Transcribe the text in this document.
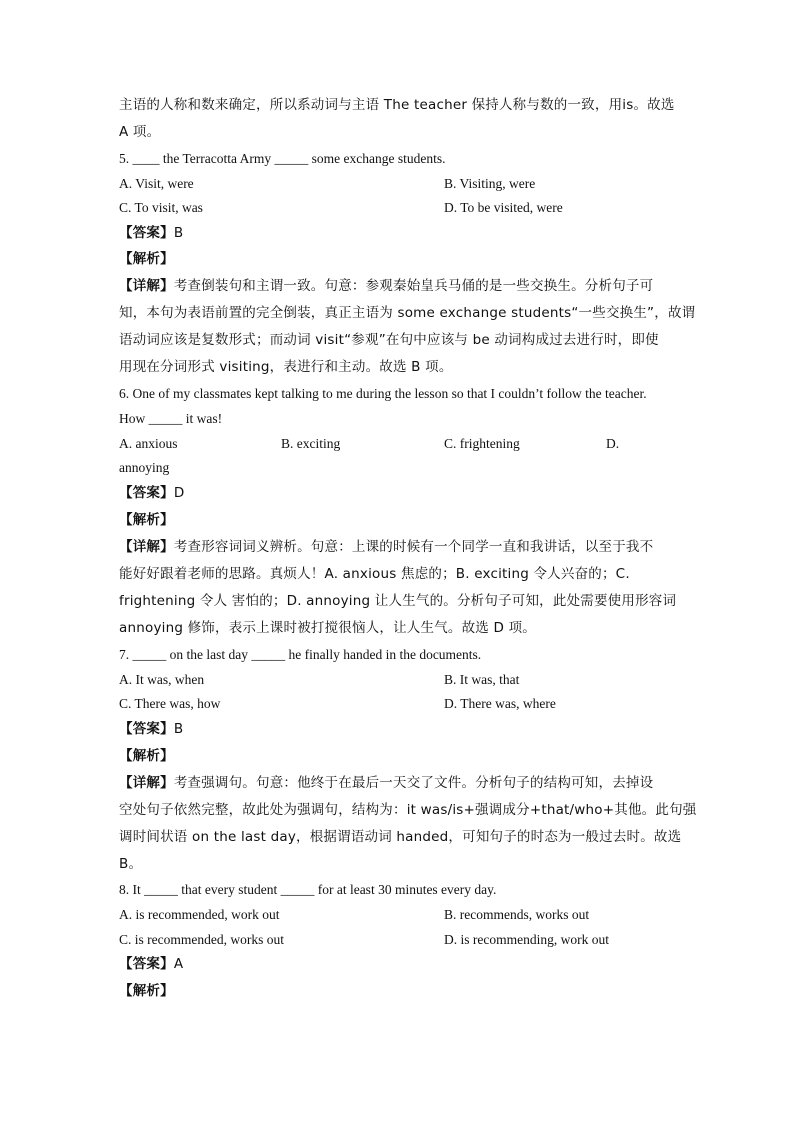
主语的人称和数来确定，所以系动词与主语 The teacher 保持人称与数的一致，用is。故选
A 项。
5. ____ the Terracotta Army _____ some exchange students.
A. Visit, were	B. Visiting, were
C. To visit, was	D. To be visited, were
【答案】B
【解析】
【详解】考查倒装句和主谓一致。句意：参观秦始皇兵马俑的是一些交换生。分析句子可
知，本句为表语前置的完全倒装，真正主语为 some exchange students“一些交换生”，故谓
语动词应该是复数形式；而动词 visit“参观”在句中应该与 be 动词构成过去进行时，即使
用现在分词形式 visiting，表进行和主动。故选 B 项。
6. One of my classmates kept talking to me during the lesson so that I couldn’t follow the teacher.
How _____ it was!
A. anxious	B. exciting	C. frightening	D.
annoying
【答案】D
【解析】
【详解】考查形容词词义辨析。句意：上课的时候有一个同学一直和我讲话，以至于我不
能好好跟着老师的思路。真烦人！A. anxious 焦虑的；B. exciting 令人兴奋的；C.
frightening 令人 害怕的；D. annoying 让人生气的。分析句子可知，此处需要使用形容词
annoying 修饰，表示上课时被打搅很恼人，让人生气。故选 D 项。
7. _____ on the last day _____ he finally handed in the documents.
A. It was, when	B. It was, that
C. There was, how	D. There was, where
【答案】B
【解析】
【详解】考查强调句。句意：他终于在最后一天交了文件。分析句子的结构可知，去掉设
空处句子依然完整，故此处为强调句，结构为：it was/is+强调成分+that/who+其他。此句强
调时间状语 on the last day，根据谓语动词 handed，可知句子的时态为一般过去时。故选
B。
8. It _____ that every student _____ for at least 30 minutes every day.
A. is recommended, work out	B. recommends, works out
C. is recommended, works out	D. is recommending, work out
【答案】A
【解析】
